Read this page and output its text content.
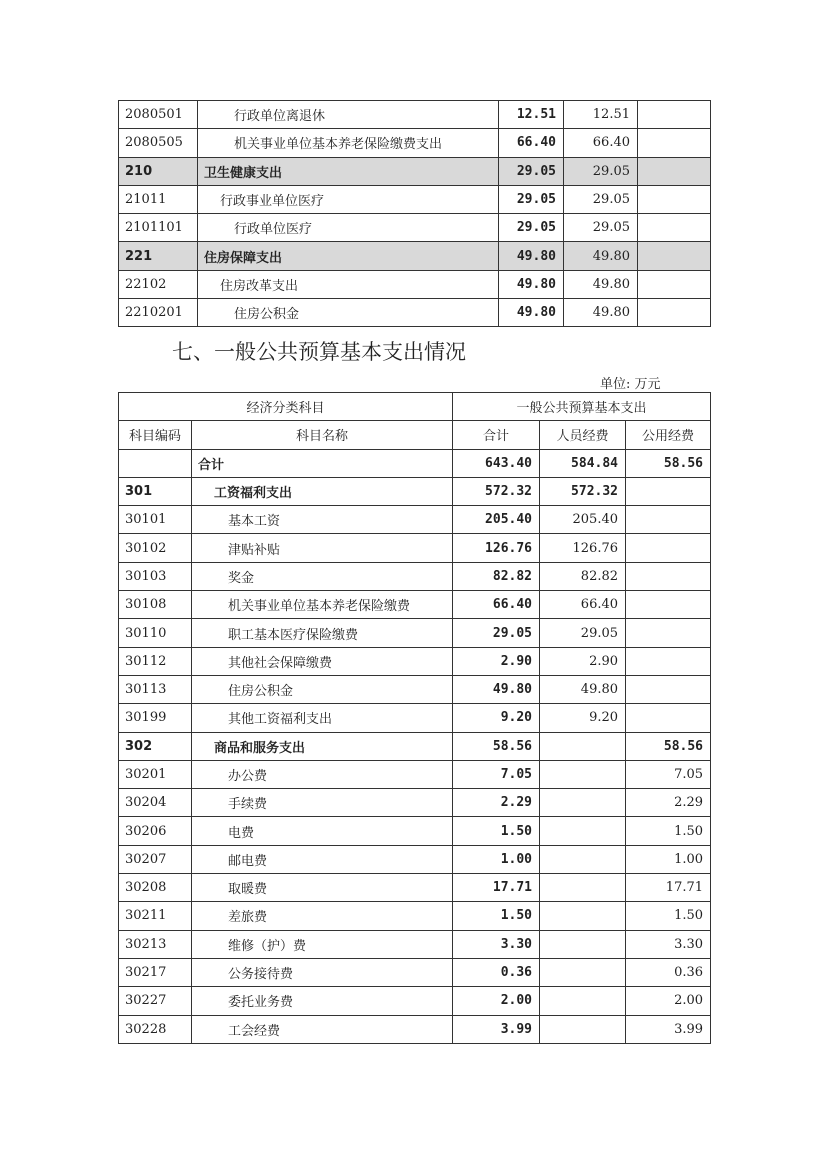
2080501	行政单位离退休	12.51	12.51	
2080505	机关事业单位基本养老保险缴费支出	66.40	66.40	
210	卫生健康支出	29.05	29.05	
21011	行政事业单位医疗	29.05	29.05	
2101101	行政单位医疗	29.05	29.05	
221	住房保障支出	49.80	49.80	
22102	住房改革支出	49.80	49.80	
2210201	住房公积金	49.80	49.80	
七、一般公共预算基本支出情况
单位: 万元
经济分类科目		一般公共预算基本支出		
科目编码	科目名称	合计	人员经费	公用经费
	合计	643.40	584.84	58.56
301	工资福利支出	572.32	572.32	
30101	基本工资	205.40	205.40	
30102	津贴补贴	126.76	126.76	
30103	奖金	82.82	82.82	
30108	机关事业单位基本养老保险缴费	66.40	66.40	
30110	职工基本医疗保险缴费	29.05	29.05	
30112	其他社会保障缴费	2.90	2.90	
30113	住房公积金	49.80	49.80	
30199	其他工资福利支出	9.20	9.20	
302	商品和服务支出	58.56		58.56
30201	办公费	7.05		7.05
30204	手续费	2.29		2.29
30206	电费	1.50		1.50
30207	邮电费	1.00		1.00
30208	取暖费	17.71		17.71
30211	差旅费	1.50		1.50
30213	维修（护）费	3.30		3.30
30217	公务接待费	0.36		0.36
30227	委托业务费	2.00		2.00
30228	工会经费	3.99		3.99
